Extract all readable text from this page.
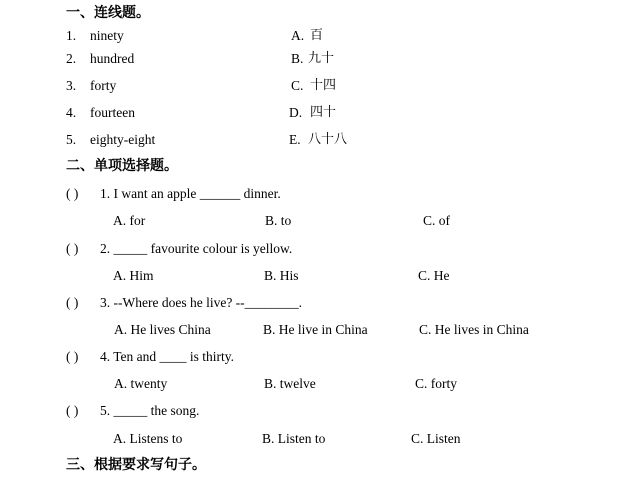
一、连线题。
1. ninety
2. hundred
3. forty
4. fourteen
5. eighty-eight
A. 百
B. 九十
C. 十四
D. 四十
E. 八十八
二、单项选择题。
( ) 1. I want an apple ______ dinner.
A. for	B. to	C. of
( ) 2. _____ favourite colour is yellow.
A. Him	B. His	C. He
( ) 3. --Where does he live? --________.
A. He lives China	B. He live in China	C. He lives in China
( ) 4. Ten and ____ is thirty.
A. twenty	B. twelve	C. forty
( ) 5. _____ the song.
A. Listens to	B. Listen to	C. Listen
三、根据要求写句子。
